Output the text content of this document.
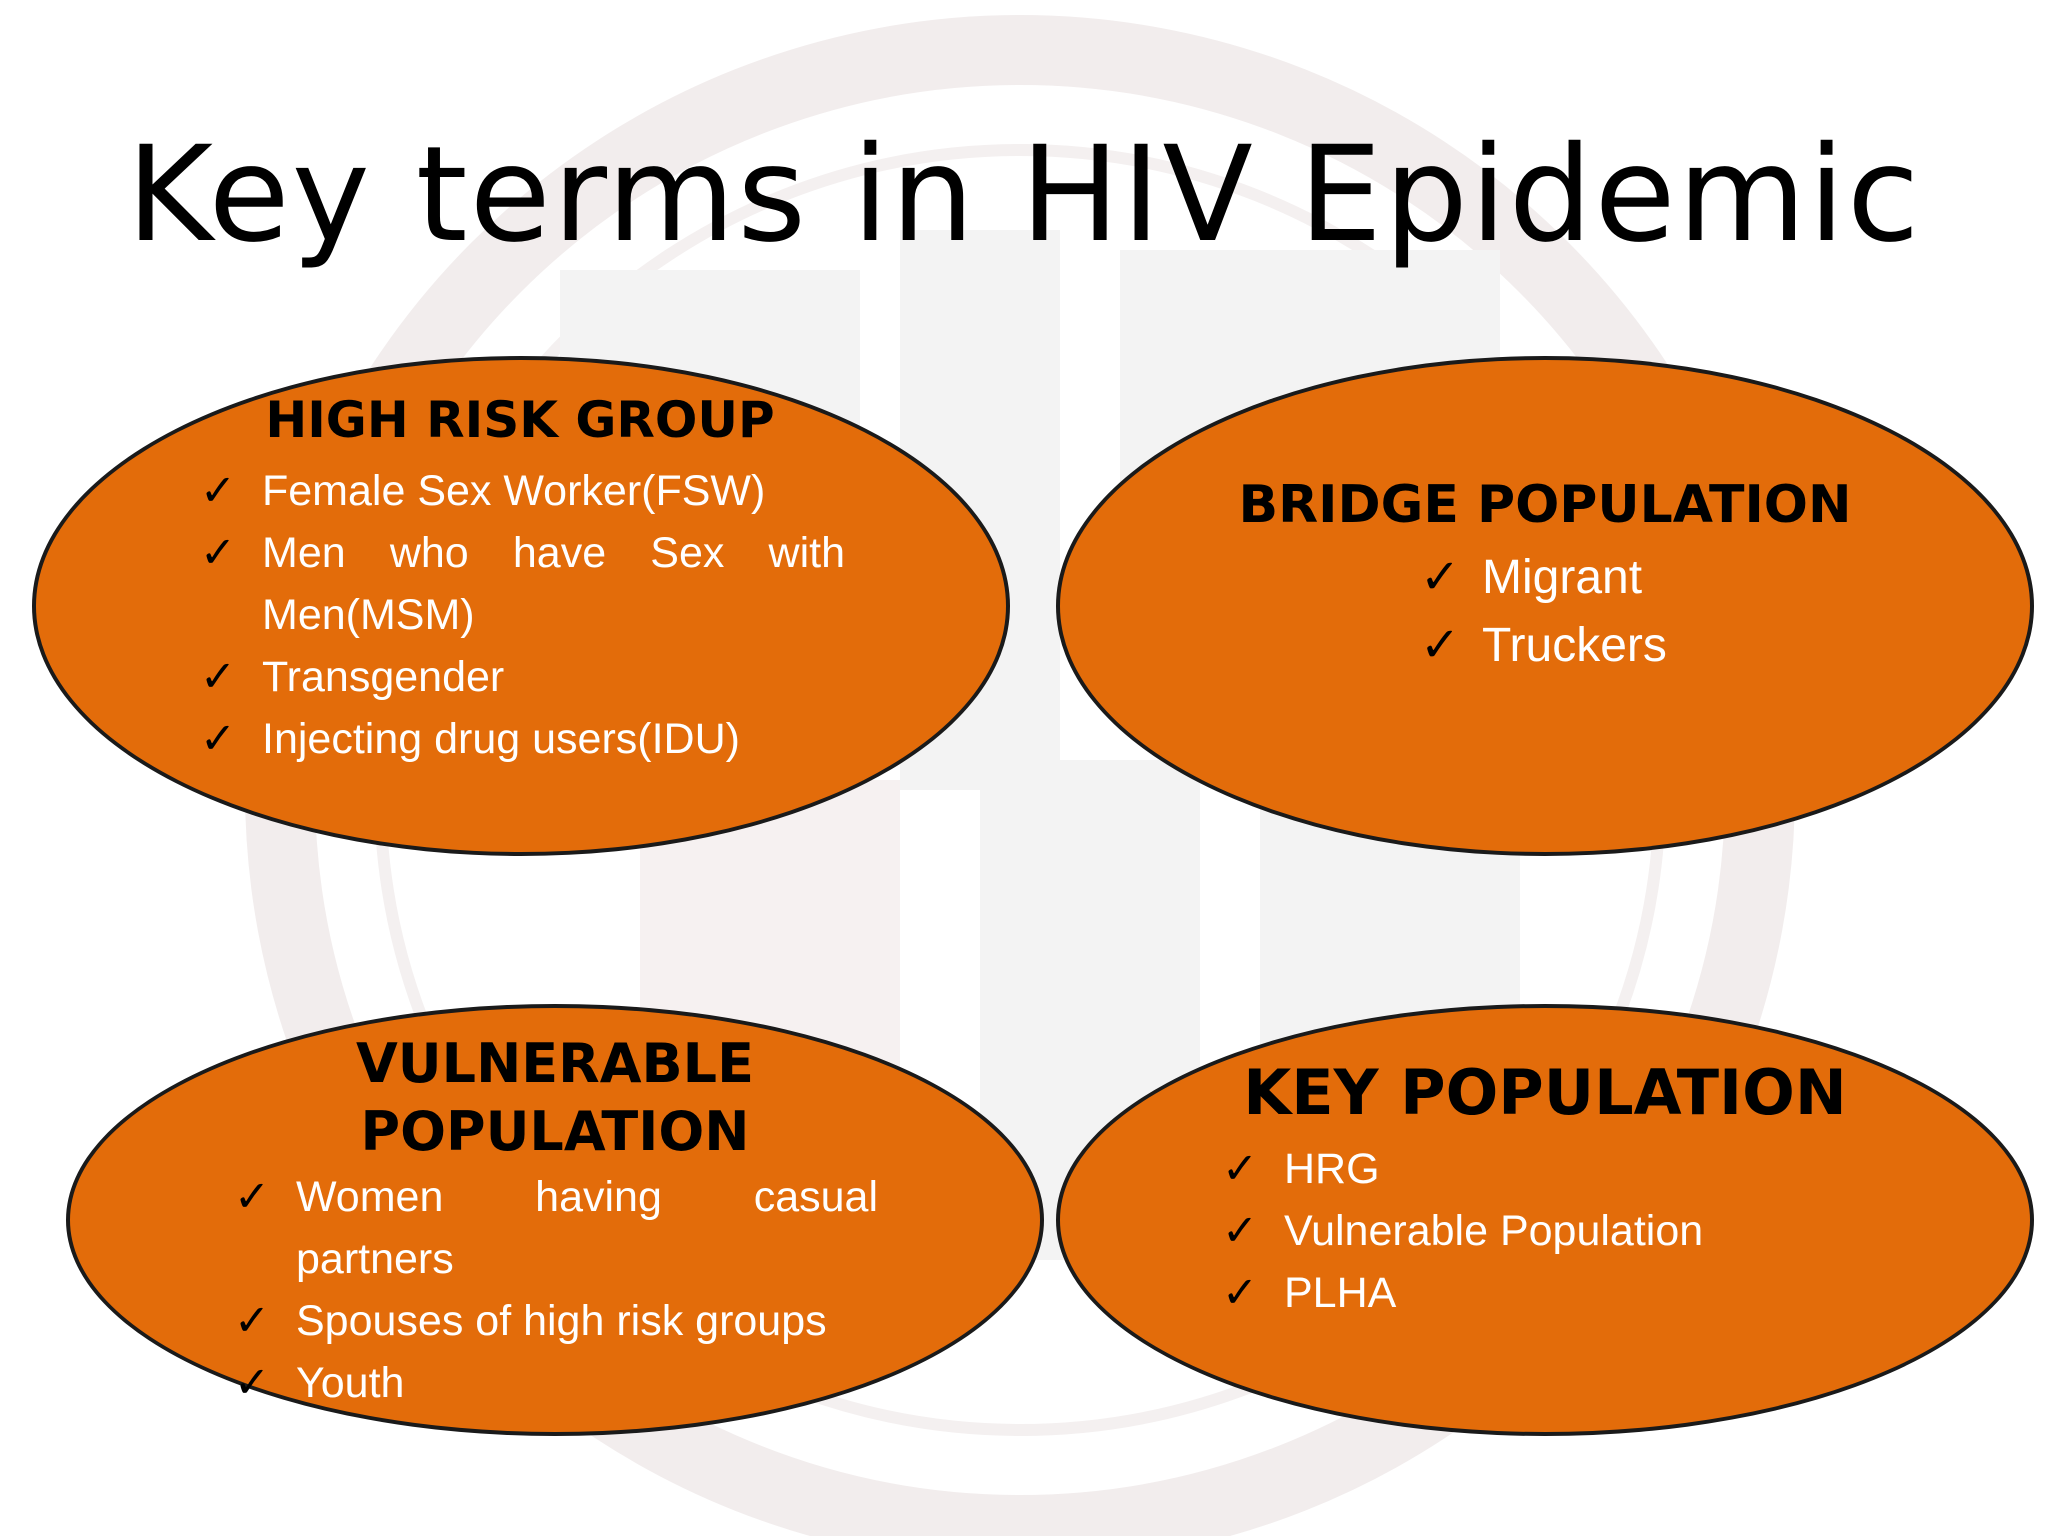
Key terms in HIV Epidemic
HIGH RISK GROUP
✓ Female Sex Worker(FSW)
✓ Men who have Sex with Men(MSM)
✓ Transgender
✓ Injecting drug users(IDU)
BRIDGE POPULATION
✓ Migrant
✓ Truckers
VULNERABLE POPULATION
✓ Women having casual partners
✓ Spouses of high risk groups
✓ Youth
KEY POPULATION
✓ HRG
✓ Vulnerable Population
✓ PLHA
